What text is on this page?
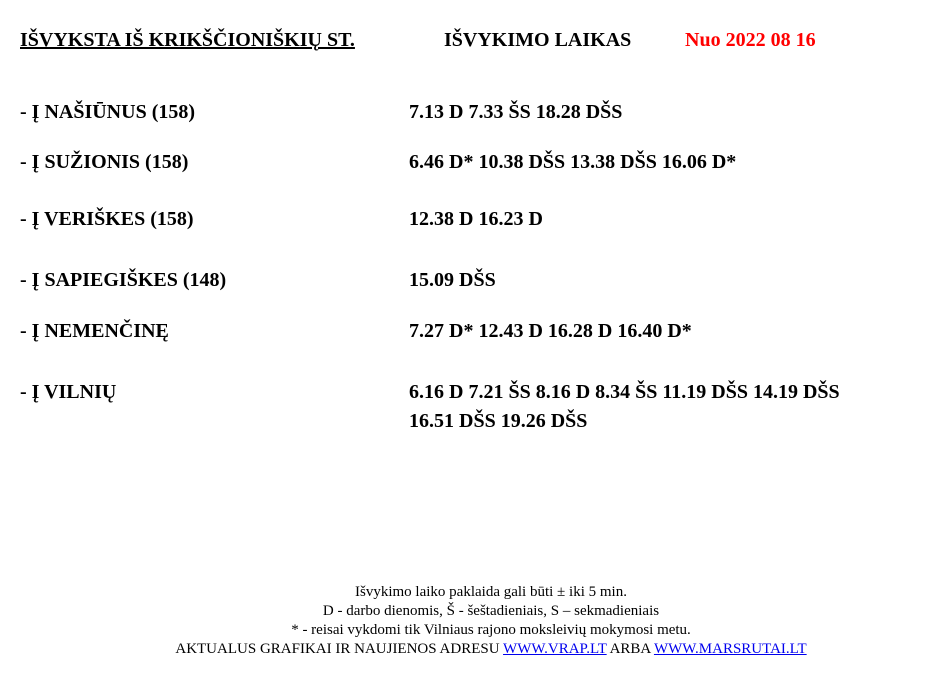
IŠVYKSTA IŠ KRIKŠČIONIŠKIŲ ST.	IŠVYKIMO LAIKAS	Nuo 2022 08 16
- Į NAŠIŪNUS (158)	7.13 D 7.33 ŠS 18.28 DŠS
- Į SUŽIONIS (158)	6.46 D* 10.38 DŠS 13.38 DŠS 16.06 D*
- Į VERIŠKES (158)	12.38 D 16.23 D
- Į SAPIEGIŠKES (148)	15.09 DŠS
- Į NEMENČINĘ	7.27 D* 12.43 D 16.28 D 16.40 D*
- Į VILNIŲ	6.16 D 7.21 ŠS 8.16 D 8.34 ŠS 11.19 DŠS 14.19 DŠS
16.51 DŠS 19.26 DŠS
Išvykimo laiko paklaida gali būti ± iki 5 min.
D - darbo dienomis, Š - šeštadieniais, S – sekmadieniais
* - reisai vykdomi tik Vilniaus rajono moksleivių mokymosi metu.
AKTUALUS GRAFIKAI IR NAUJIENOS ADRESU WWW.VRAP.LT ARBA WWW.MARSRUTAI.LT
